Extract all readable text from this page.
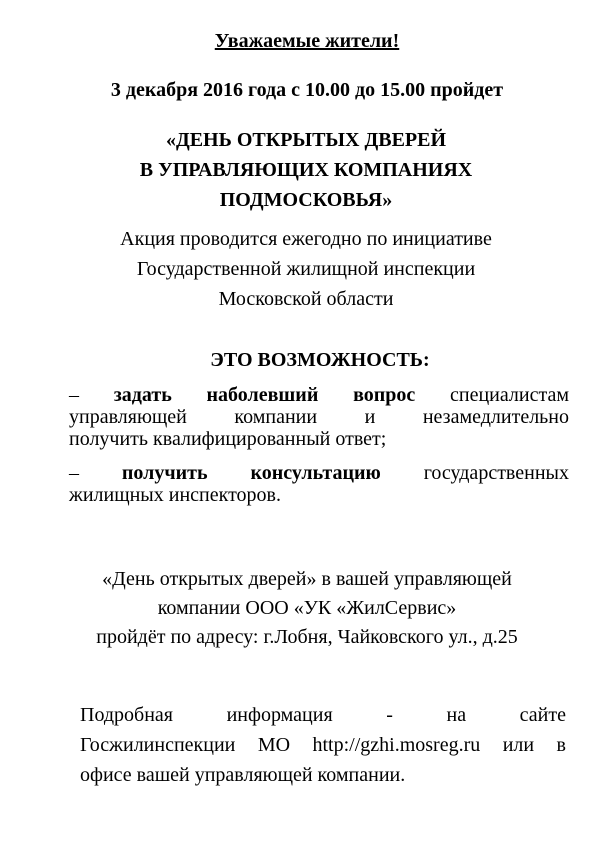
Уважаемые жители!
3 декабря 2016 года с 10.00 до 15.00 пройдет
«ДЕНЬ ОТКРЫТЫХ ДВЕРЕЙ
В УПРАВЛЯЮЩИХ КОМПАНИЯХ
ПОДМОСКОВЬЯ»
Акция проводится ежегодно по инициативе
Государственной жилищной инспекции
Московской области
ЭТО ВОЗМОЖНОСТЬ:
– задать наболевший вопрос специалистам
управляющей компании и незамедлительно
получить квалифицированный ответ;
– получить консультацию государственных
жилищных инспекторов.
«День открытых дверей» в вашей управляющей
компании ООО «УК «ЖилСервис»
пройдёт по адресу: г.Лобня, Чайковского ул., д.25
Подробная	информация	-	на	сайте
Госжилинспекции МО http://gzhi.mosreg.ru или в
офисе вашей управляющей компании.
